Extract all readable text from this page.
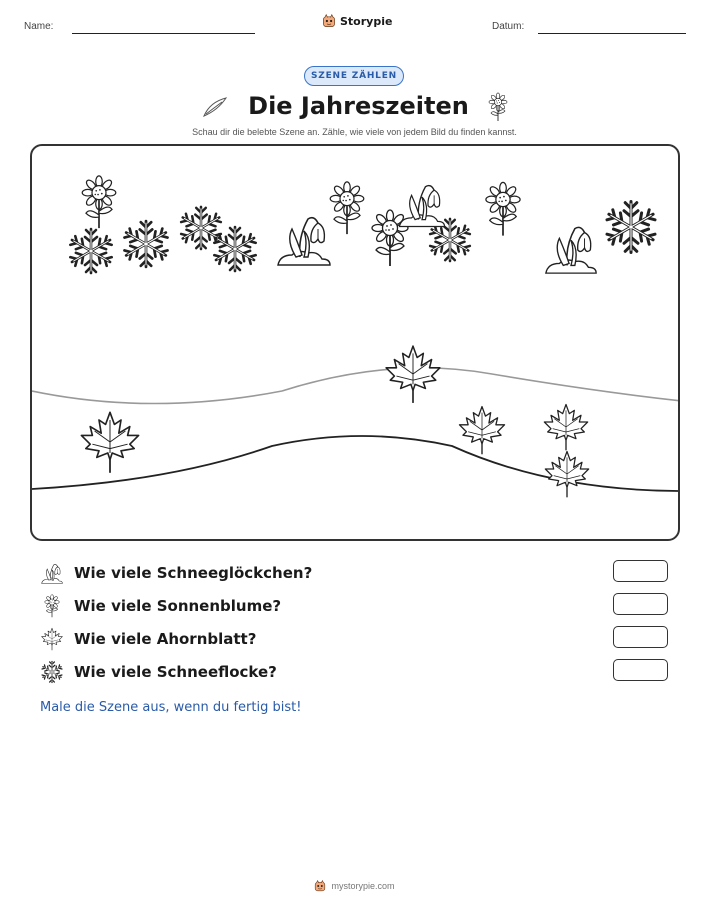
Name:	Storypie	Datum:
SZENE ZÄHLEN
Die Jahreszeiten
Schau dir die belebte Szene an. Zähle, wie viele von jedem Bild du finden kannst.
Wie viele Schneeglöckchen?
Wie viele Sonnenblume?
Wie viele Ahornblatt?
Wie viele Schneeflocke?
Male die Szene aus, wenn du fertig bist!
mystorypie.com
